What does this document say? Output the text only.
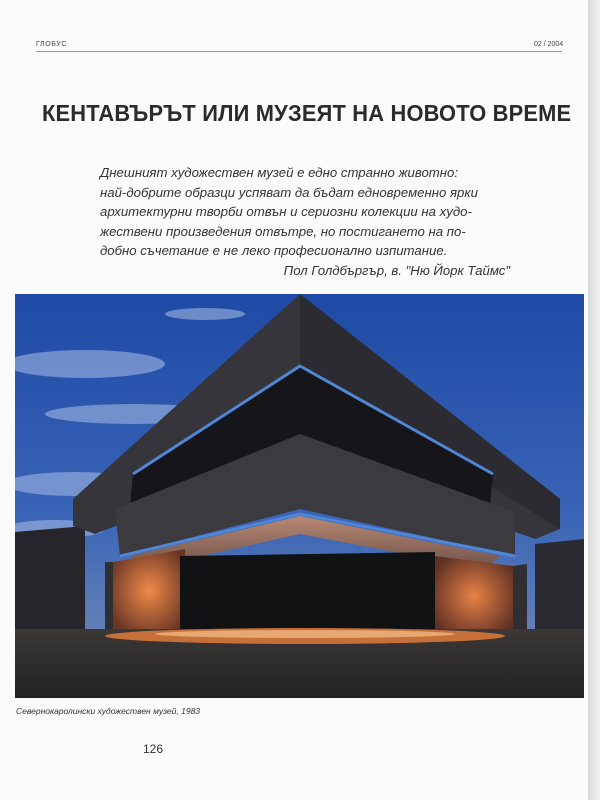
ГЛОБУС	02 / 2004
КЕНТАВЪРЪТ ИЛИ МУЗЕЯТ НА НОВОТО ВРЕМЕ
Днешният художествен музей е едно странно животно:
най-добрите образци успяват да бъдат едновременно ярки
архитектурни творби отвън и сериозни колекции на худо-
жествени произведения отвътре, но постигането на по-
добно съчетание е не леко професионално изпитание.
Пол Голдбъргър, в. "Ню Йорк Таймс"
Севернокаролински художествен музей, 1983
126
